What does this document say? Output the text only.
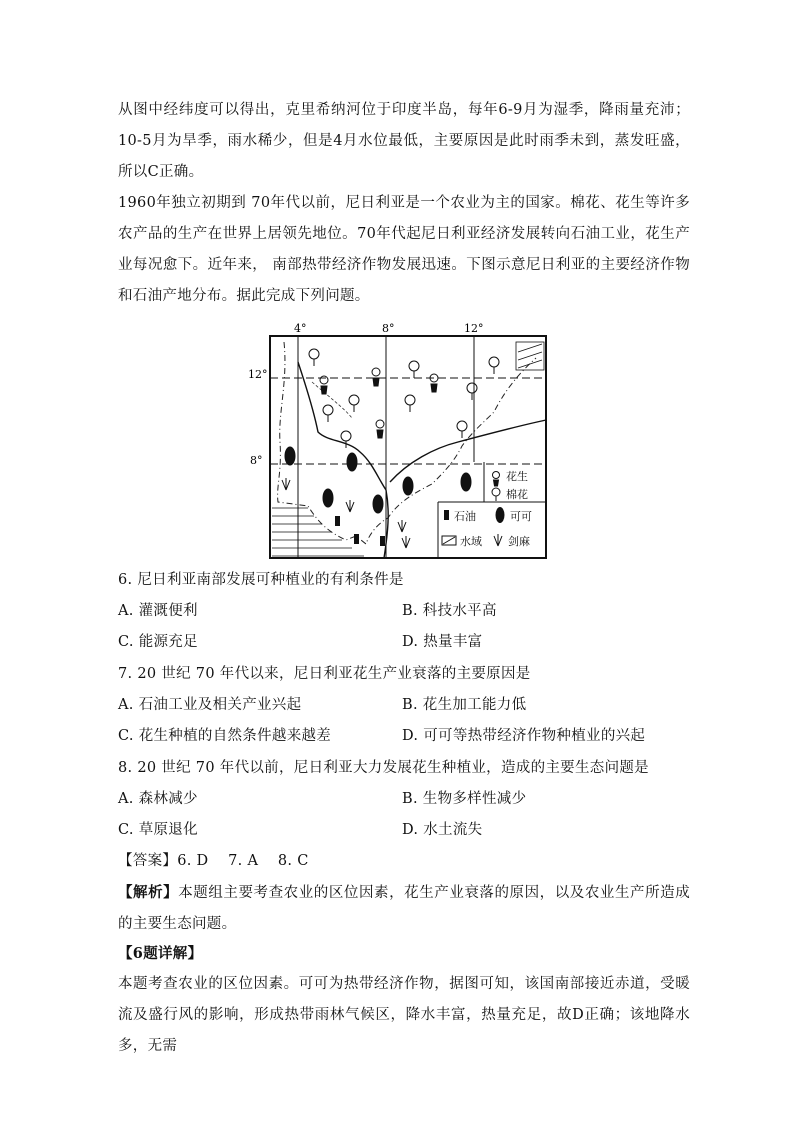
从图中经纬度可以得出，克里希纳河位于印度半岛，每年6-9月为湿季，降雨量充沛；10-5月为旱季，雨水稀少，但是4月水位最低，主要原因是此时雨季未到，蒸发旺盛，所以C正确。

1960年独立初期到 70年代以前，尼日利亚是一个农业为主的国家。棉花、花生等许多 农产品的生产在世界上居领先地位。70年代起尼日利亚经济发展转向石油工业，花生产业每况愈下。近年来， 南部热带经济作物发展迅速。下图示意尼日利亚的主要经济作物和石油产地分布。据此完成下列问题。

4°	8°	12°
12°
8°
花生
棉花
石油	可可
水域 剑麻

6. 尼日利亚南部发展可种植业的有利条件是

A. 灌溉便利	B. 科技水平高

C. 能源充足	D. 热量丰富

7. 20 世纪 70 年代以来，尼日利亚花生产业衰落的主要原因是

A. 石油工业及相关产业兴起	B. 花生加工能力低

C. 花生种植的自然条件越来越差	D. 可可等热带经济作物种植业的兴起

8. 20 世纪 70 年代以前，尼日利亚大力发展花生种植业，造成的主要生态问题是

A. 森林减少	B. 生物多样性减少

C. 草原退化	D. 水土流失

【答案】6. D    7. A    8. C

【解析】本题组主要考查农业的区位因素，花生产业衰落的原因，以及农业生产所造成的主要生态问题。

【6题详解】

本题考查农业的区位因素。可可为热带经济作物，据图可知，该国南部接近赤道，受暖流及盛行风的影响，形成热带雨林气候区，降水丰富，热量充足，故D正确；该地降水多，无需
